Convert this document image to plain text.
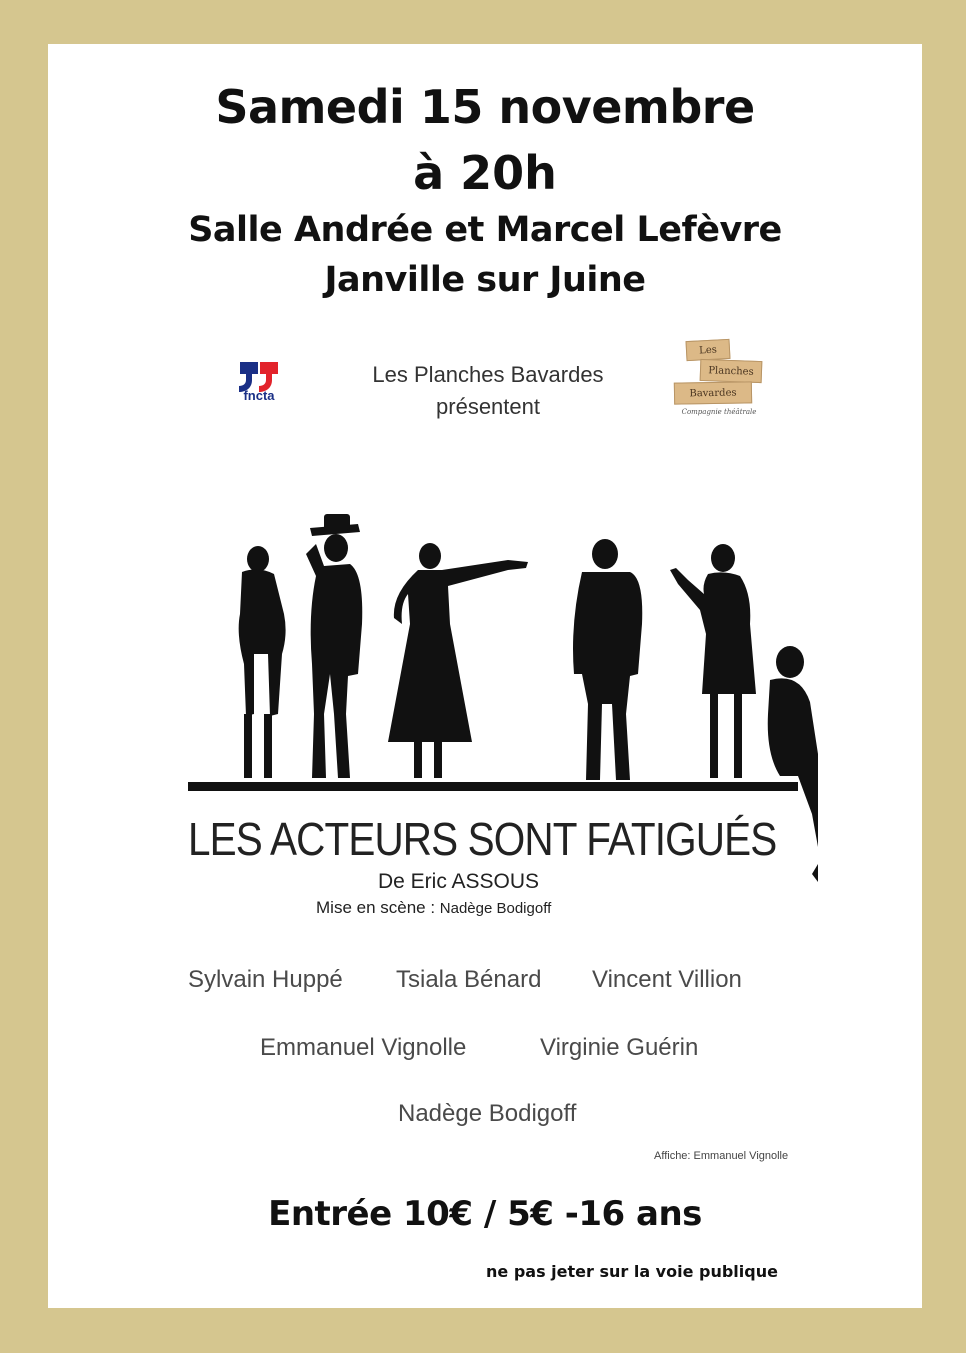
Samedi 15 novembre
à 20h
Salle Andrée et Marcel Lefèvre
Janville sur Juine
fncta
Les Planches Bavardes
présentent
Les
Planches
Bavardes
Compagnie théâtrale
LES ACTEURS SONT FATIGUÉS
De Eric ASSOUS
Mise en scène : Nadège Bodigoff
Sylvain Huppé Tsiala Bénard Vincent Villion
Emmanuel Vignolle	Virginie Guérin
Nadège Bodigoff
Affiche: Emmanuel Vignolle
Entrée 10€ / 5€ -16 ans
ne pas jeter sur la voie publique
